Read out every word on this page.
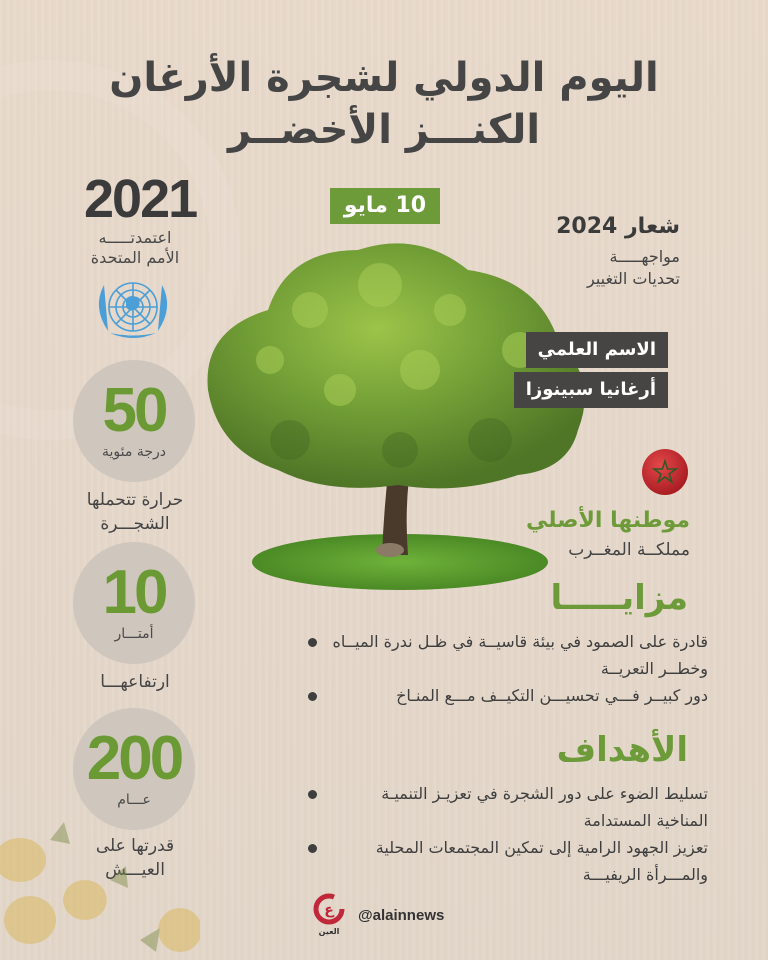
اليوم الدولي لشجرة الأرغان
الكنـــز الأخضــر
2021
اعتمدتـــــه
الأمم المتحدة
50
درجة مئوية
حرارة تتحملها
الشجـــرة
10
أمتـــار
ارتفاعهـــا
200
عـــام
قدرتها على
العيـــش
10 مايو
شعار 2024
مواجهـــــة
تحديات التغيير
الاسم العلمي
أرغانيا سبينوزا
موطنها الأصلي
مملكــة المغــرب
مزايـــــا
قادرة على الصمود في بيئة قاسيــة في ظـل ندرة الميــاه وخطــر التعريــة
دور كبيــر فـــي تحسيـــن التكيــف مـــع المنـاخ
الأهداف
تسليط الضوء على دور الشجرة في تعزيـز التنميـة المناخية المستدامة
تعزيز الجهود الرامية إلى تمكين المجتمعات المحلية والمـــرأة الريفيـــة
ع
العين
@alainnews
